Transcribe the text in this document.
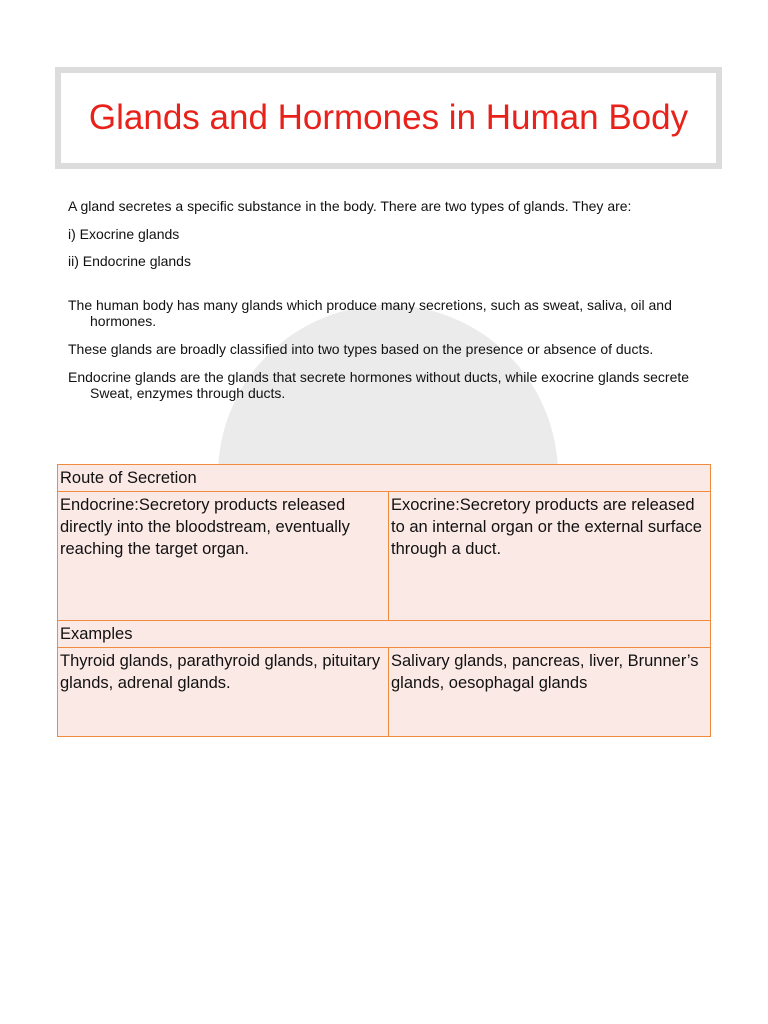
Glands and Hormones in Human Body

A gland secretes a specific substance in the body. There are two types of glands. They are:

i) Exocrine glands

ii) Endocrine glands

The human body has many glands which produce many secretions, such as sweat, saliva, oil and hormones.

These glands are broadly classified into two types based on the presence or absence of ducts.

Endocrine glands are the glands that secrete hormones without ducts, while exocrine glands secrete Sweat, enzymes through ducts.

Route of Secretion	
Endocrine:Secretory products released directly into the bloodstream, eventually reaching the target organ.	Exocrine:Secretory products are released to an internal organ or the external surface through a duct.
Examples	
Thyroid glands, parathyroid glands, pituitary glands, adrenal glands.	Salivary glands, pancreas, liver, Brunner’s glands, oesophagal glands
